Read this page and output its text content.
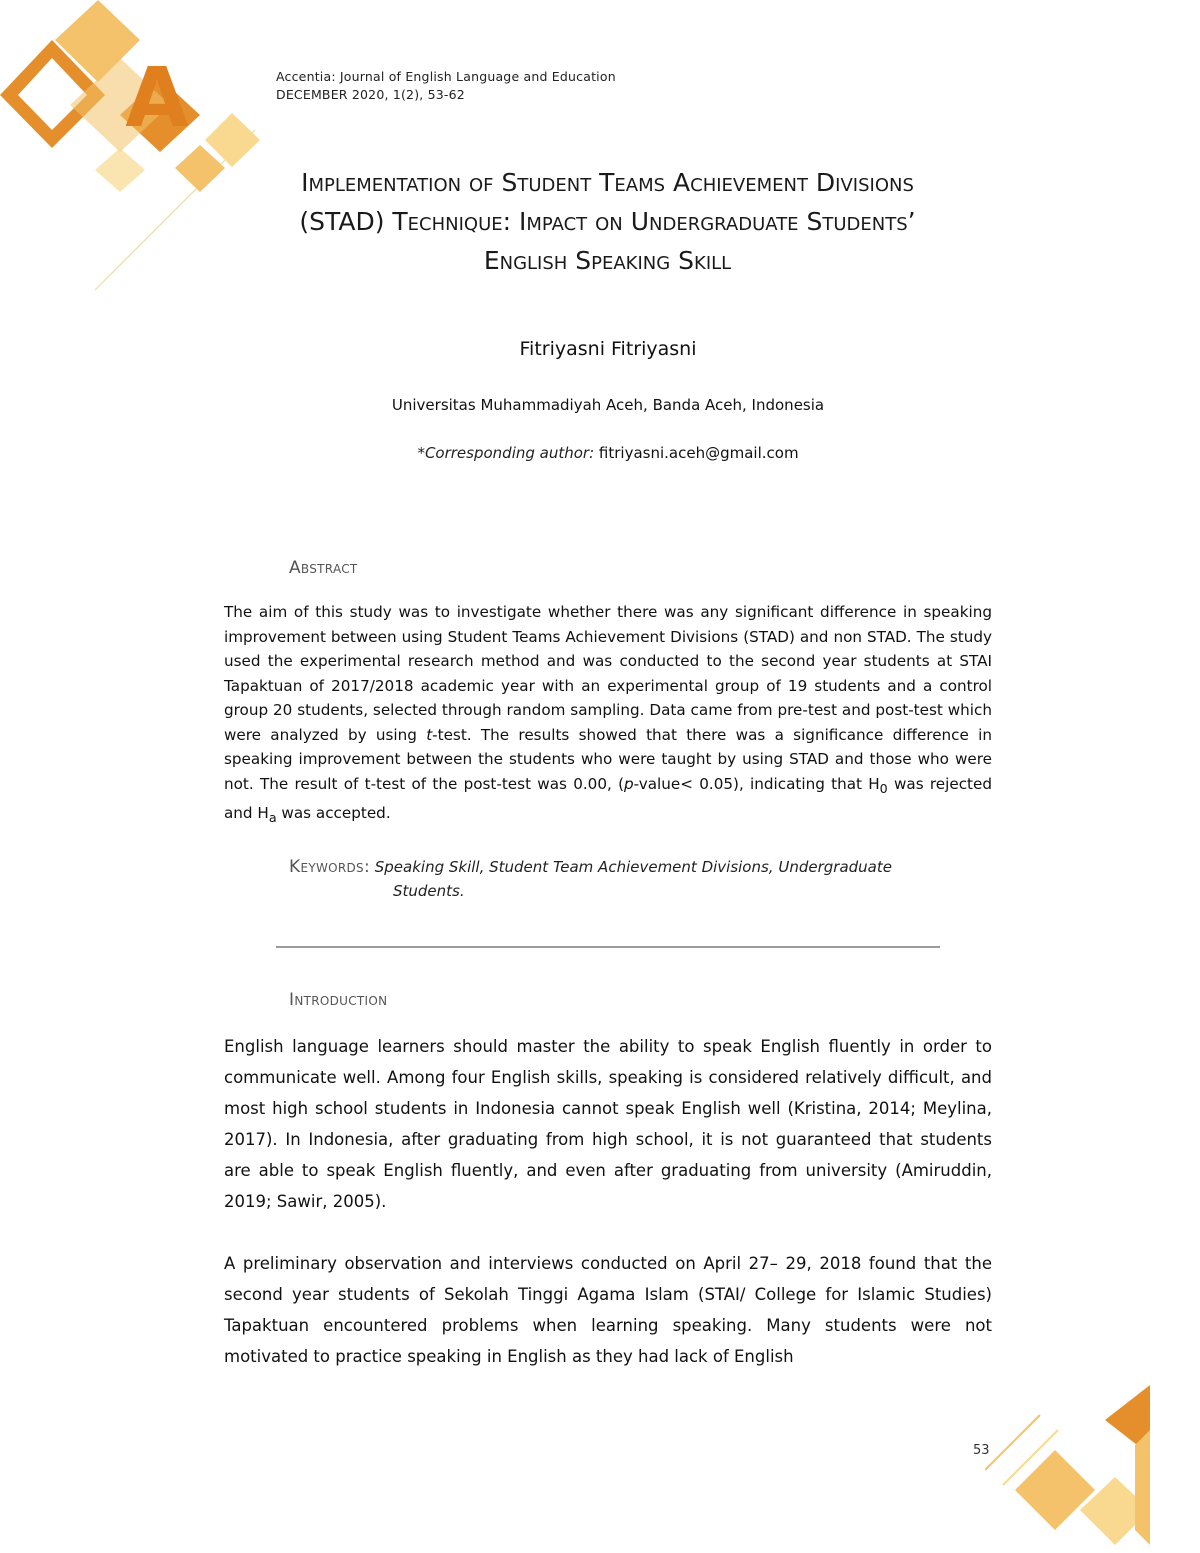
A	Accentia: Journal of English Language and Education
DECEMBER 2020, 1(2), 53-62
Implementation of Student Teams Achievement Divisions
(STAD) Technique: Impact on Undergraduate Students’
English Speaking Skill
Fitriyasni Fitriyasni
Universitas Muhammadiyah Aceh, Banda Aceh, Indonesia
*Corresponding author: fitriyasni.aceh@gmail.com
Abstract
The aim of this study was to investigate whether there was any significant difference in speaking improvement between using Student Teams Achievement Divisions (STAD) and non STAD. The study used the experimental research method and was conducted to the second year students at STAI Tapaktuan of 2017/2018 academic year with an experimental group of 19 students and a control group 20 students, selected through random sampling. Data came from pre-test and post-test which were analyzed by using t-test. The results showed that there was a significance difference in speaking improvement between the students who were taught by using STAD and those who were not. The result of t-test of the post-test was 0.00, (p-value< 0.05), indicating that $H_0$ was rejected and $H_a$ was accepted.
Keywords: Speaking Skill, Student Team Achievement Divisions, Undergraduate
Students.
Introduction
English language learners should master the ability to speak English fluently in order to communicate well. Among four English skills, speaking is considered relatively difficult, and most high school students in Indonesia cannot speak English well (Kristina, 2014; Meylina, 2017). In Indonesia, after graduating from high school, it is not guaranteed that students are able to speak English fluently, and even after graduating from university (Amiruddin, 2019; Sawir, 2005).
A preliminary observation and interviews conducted on April 27– 29, 2018 found that the second year students of Sekolah Tinggi Agama Islam (STAI/ College for Islamic Studies) Tapaktuan encountered problems when learning speaking. Many students were not motivated to practice speaking in English as they had lack of English
53
